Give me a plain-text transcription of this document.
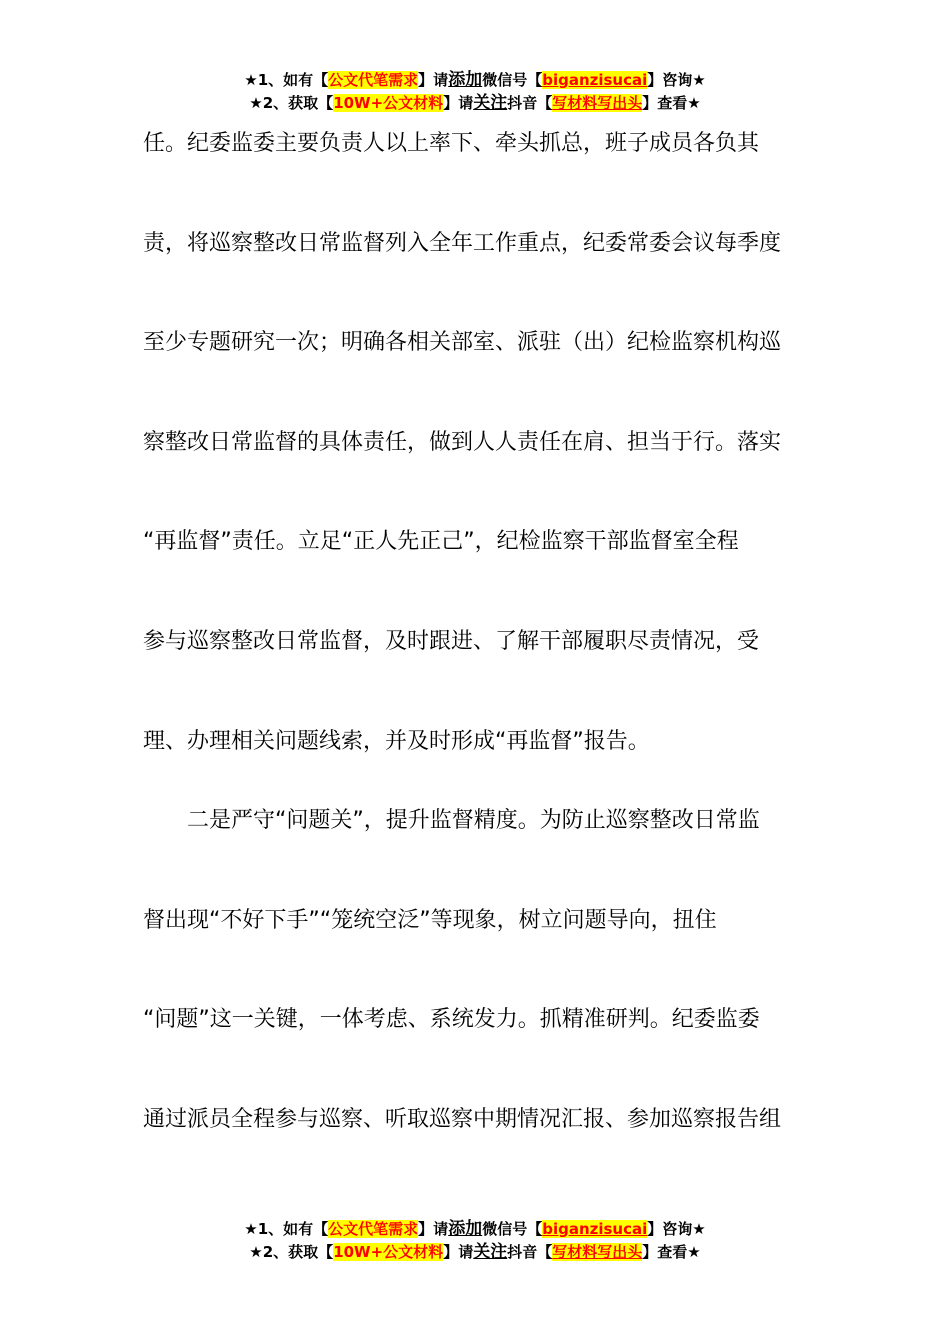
★1、如有【公文代笔需求】请添加微信号【biganzisucai】咨询★
★2、获取【10W+公文材料】请关注抖音【写材料写出头】查看★
任。纪委监委主要负责人以上率下、牵头抓总，班子成员各负其
责，将巡察整改日常监督列入全年工作重点，纪委常委会议每季度
至少专题研究一次；明确各相关部室、派驻（出）纪检监察机构巡
察整改日常监督的具体责任，做到人人责任在肩、担当于行。落实
“再监督”责任。立足“正人先正己”，纪检监察干部监督室全程
参与巡察整改日常监督，及时跟进、了解干部履职尽责情况，受
理、办理相关问题线索，并及时形成“再监督”报告。
　　二是严守“问题关”，提升监督精度。为防止巡察整改日常监
督出现“不好下手”“笼统空泛”等现象，树立问题导向，扭住
“问题”这一关键，一体考虑、系统发力。抓精准研判。纪委监委
通过派员全程参与巡察、听取巡察中期情况汇报、参加巡察报告组
★1、如有【公文代笔需求】请添加微信号【biganzisucai】咨询★
★2、获取【10W+公文材料】请关注抖音【写材料写出头】查看★
